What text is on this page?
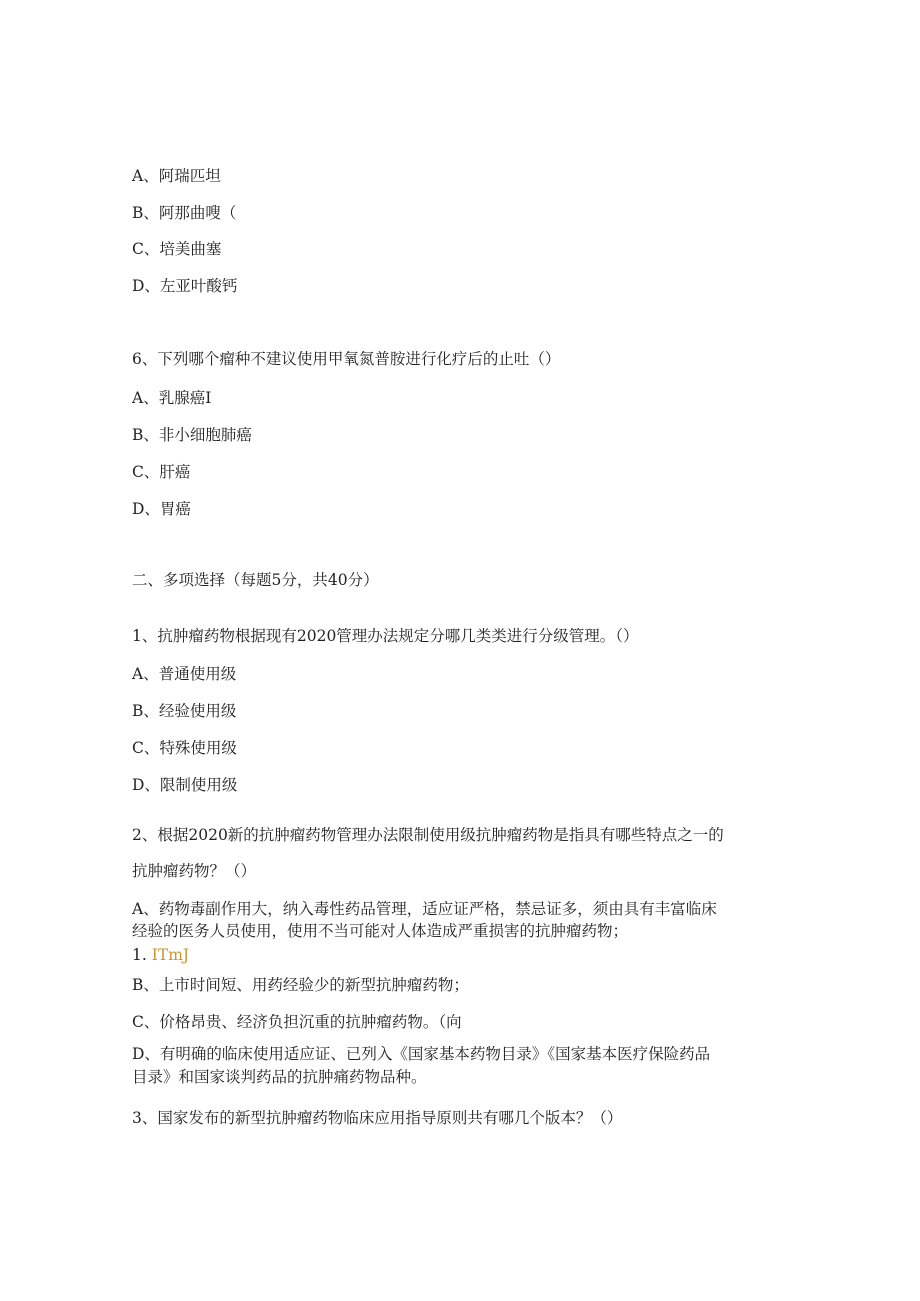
A、阿瑞匹坦
B、阿那曲嗖（
C、培美曲塞
D、左亚叶酸钙
6、下列哪个瘤种不建议使用甲氧氮普胺进行化疗后的止吐（）
A、乳腺癌Ⅰ
B、非小细胞肺癌
C、肝癌
D、胃癌
二、多项选择（每题5分，共40分）
1、抗肿瘤药物根据现有2020管理办法规定分哪几类类进行分级管理。（）
A、普通使用级
B、经验使用级
C、特殊使用级
D、限制使用级
2、根据2020新的抗肿瘤药物管理办法限制使用级抗肿瘤药物是指具有哪些特点之一的
抗肿瘤药物？（）
A、药物毒副作用大，纳入毒性药品管理，适应证严格，禁忌证多，须由具有丰富临床
经验的医务人员使用，使用不当可能对人体造成严重损害的抗肿瘤药物；
1. ITmJ
B、上市时间短、用药经验少的新型抗肿瘤药物；
C、价格昂贵、经济负担沉重的抗肿瘤药物。（向
D、有明确的临床使用适应证、已列入《国家基本药物目录》《国家基本医疗保险药品
目录》和国家谈判药品的抗肿痛药物品种。
3、国家发布的新型抗肿瘤药物临床应用指导原则共有哪几个版本？（）
